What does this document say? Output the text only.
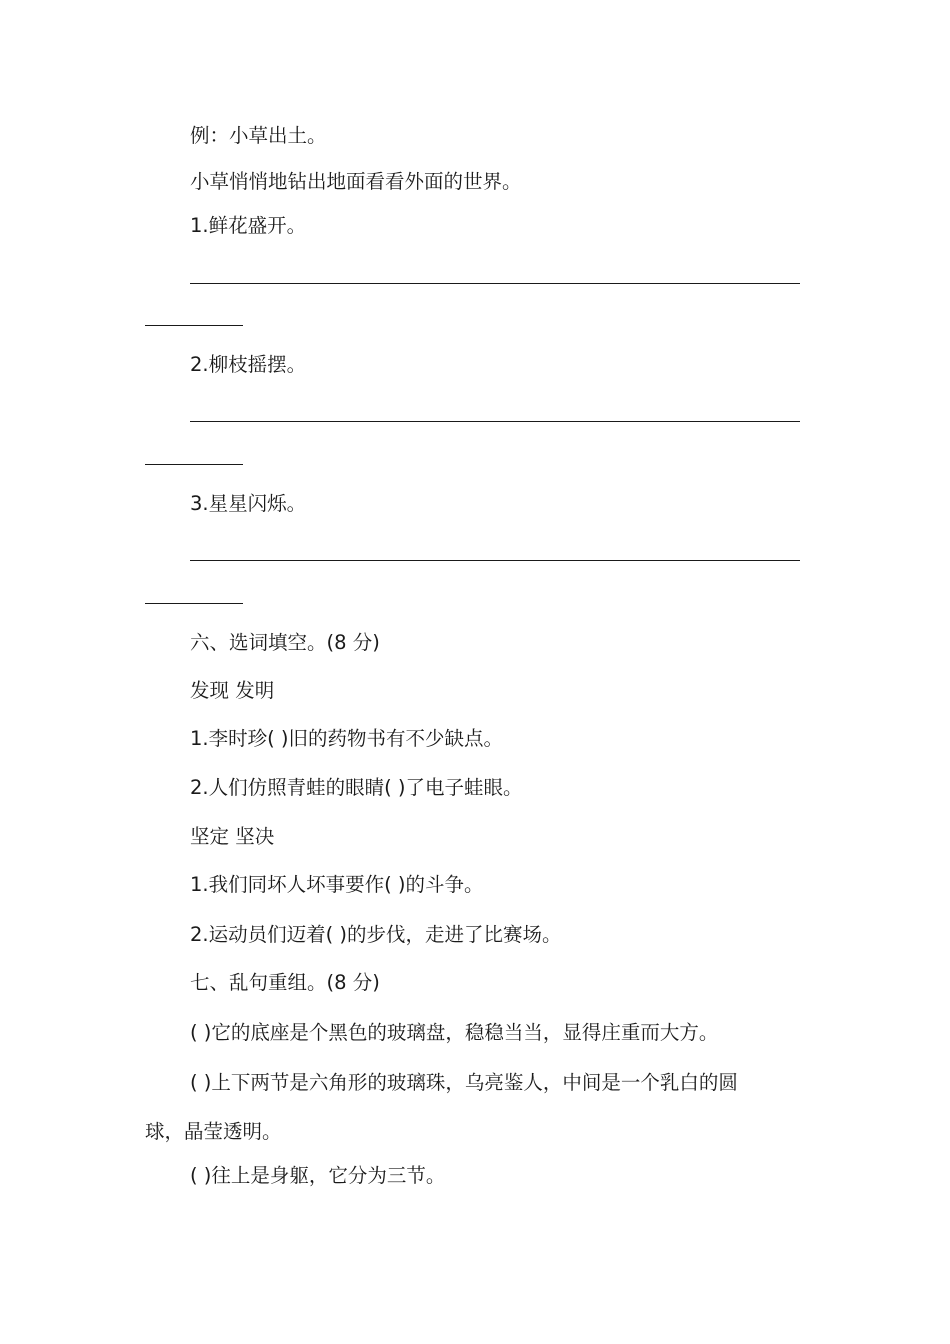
例：小草出土。
小草悄悄地钻出地面看看外面的世界。
1.鲜花盛开。
2.柳枝摇摆。
3.星星闪烁。
六、选词填空。(8 分)
发现 发明
1.李时珍( )旧的药物书有不少缺点。
2.人们仿照青蛙的眼睛( )了电子蛙眼。
坚定 坚决
1.我们同坏人坏事要作( )的斗争。
2.运动员们迈着( )的步伐，走进了比赛场。
七、乱句重组。(8 分)
( )它的底座是个黑色的玻璃盘，稳稳当当，显得庄重而大方。
( )上下两节是六角形的玻璃珠，乌亮鉴人，中间是一个乳白的圆
球，晶莹透明。
( )往上是身躯，它分为三节。
